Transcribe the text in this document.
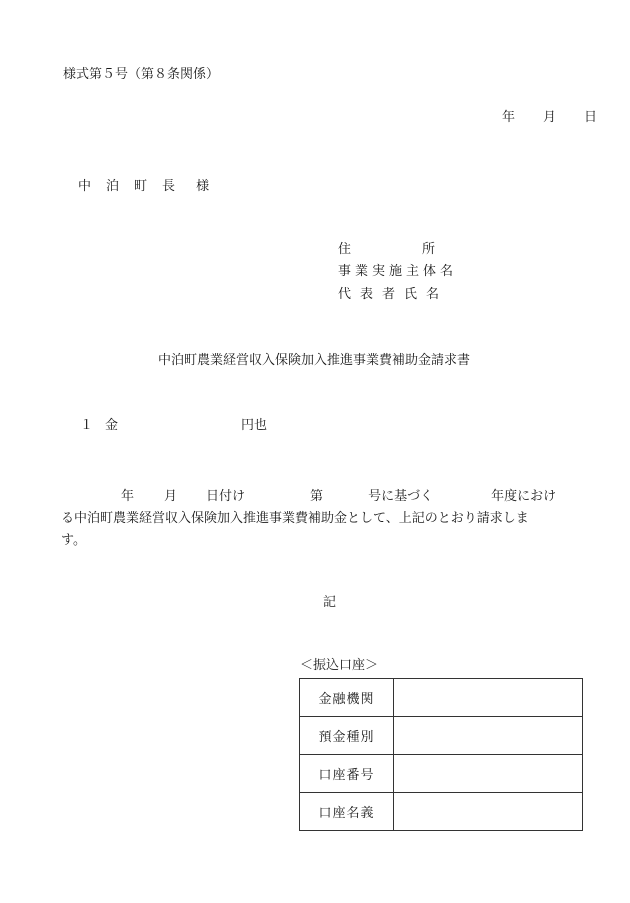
様式第５号（第８条関係）
年 月 日
中泊町長 様
住	所
事業実施主体名
代表者氏名
中泊町農業経営収入保険加入推進事業費補助金請求書
１ 金	円也
年 月 日付け	第	号に基づく	年度におけ
る中泊町農業経営収入保険加入推進事業費補助金として、上記のとおり請求しま
す。
記
＜振込口座＞
金融機関	
預金種別	
口座番号	
口座名義	
